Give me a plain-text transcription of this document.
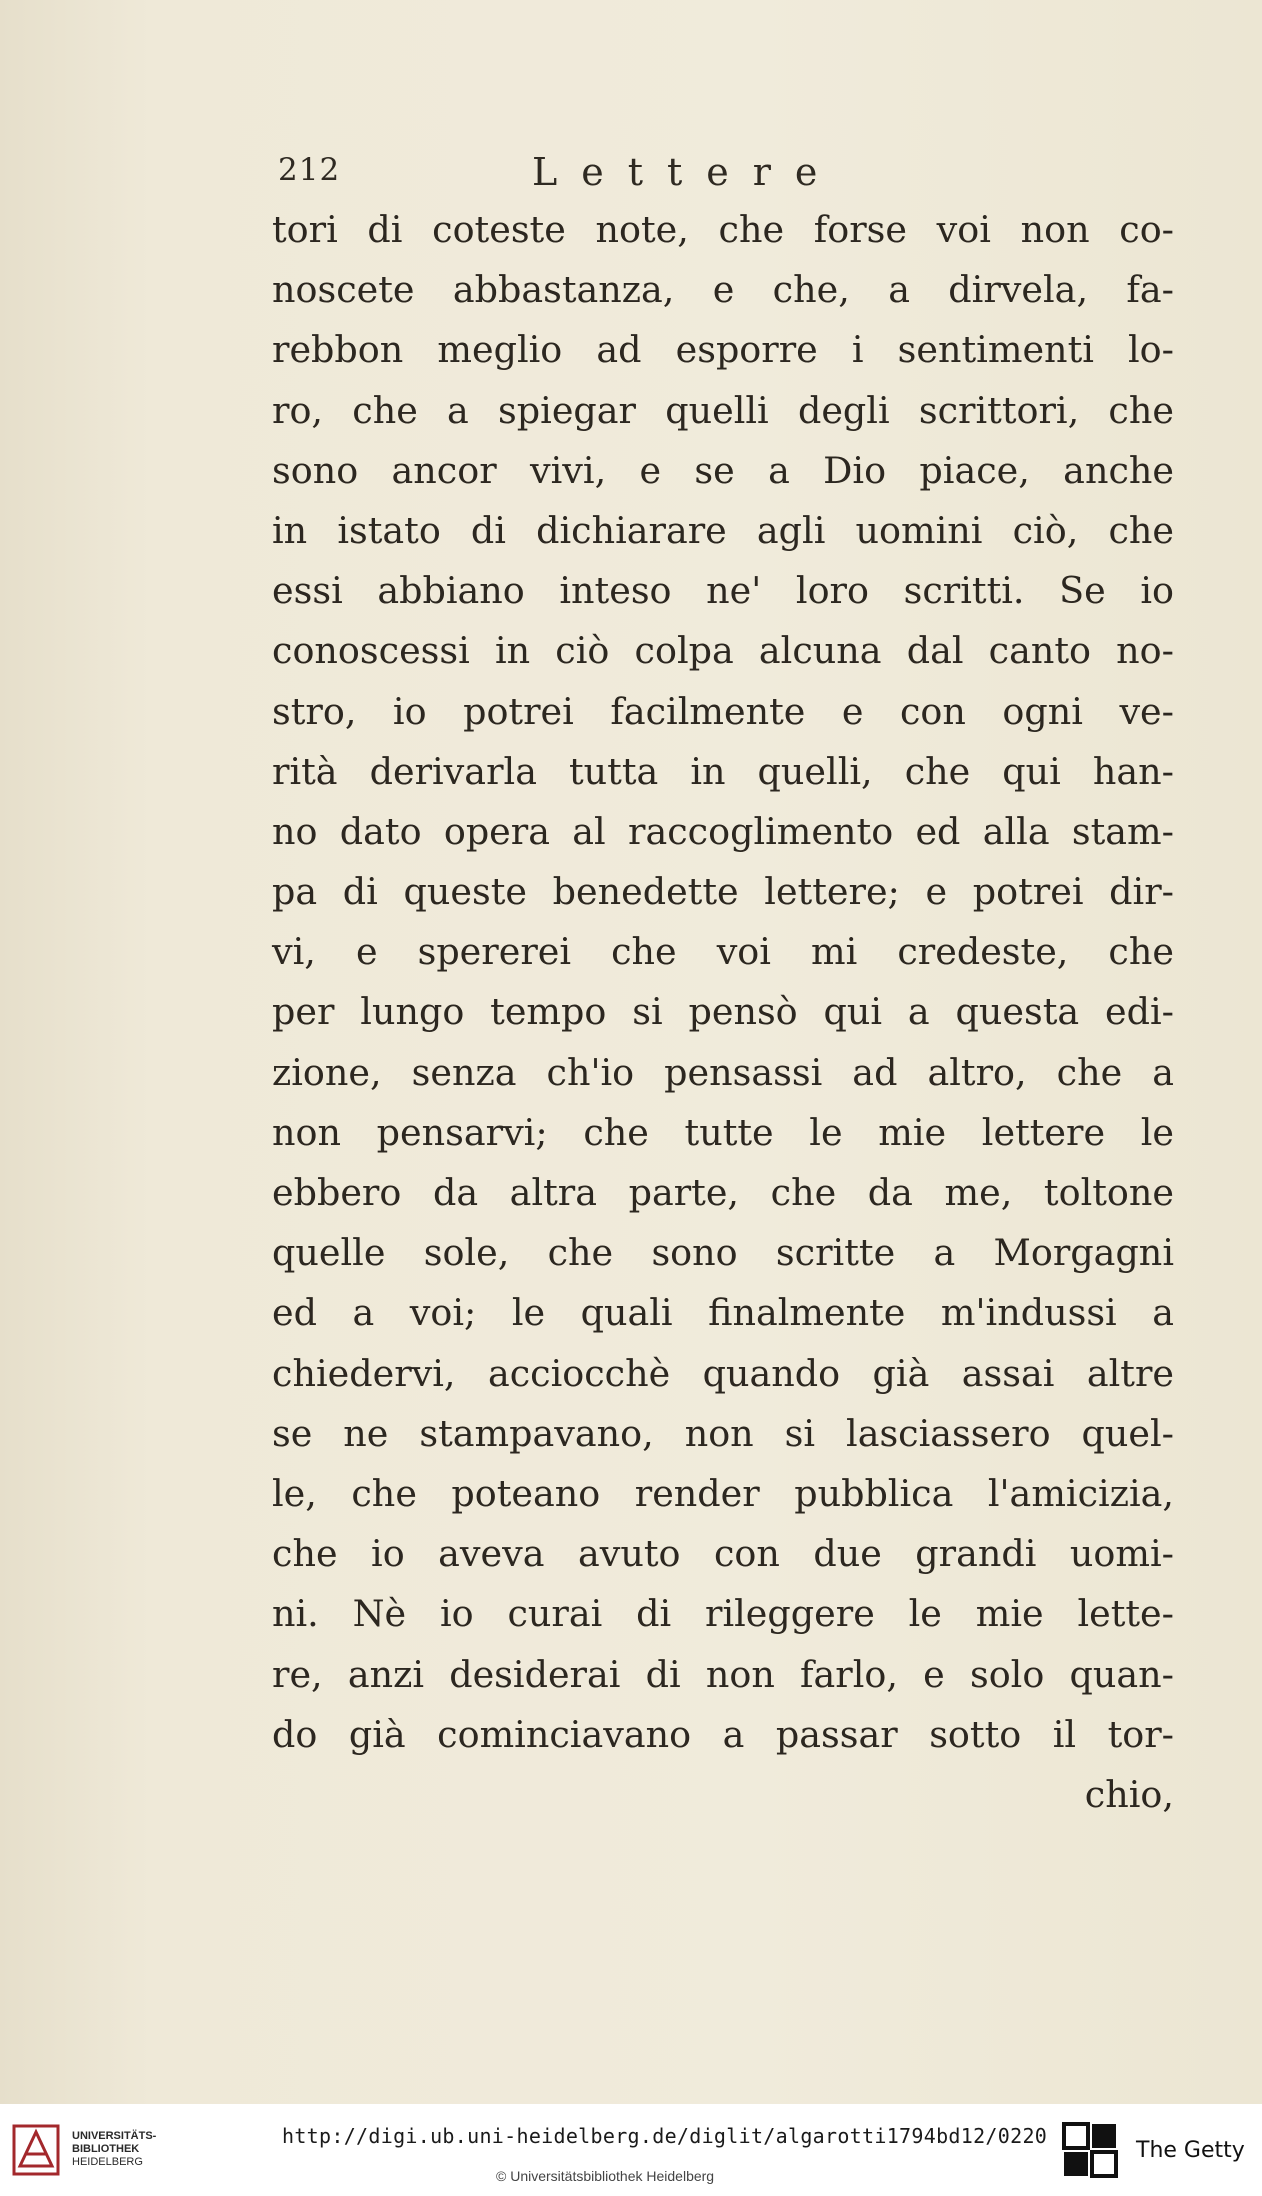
212	Lettere
tori di coteste note, che forse voi non co-
noscete abbastanza, e che, a dirvela, fa-
rebbon meglio ad esporre i sentimenti lo-
ro, che a spiegar quelli degli scrittori, che
sono ancor vivi, e se a Dio piace, anche
in istato di dichiarare agli uomini ciò, che
essi abbiano inteso ne' loro scritti. Se io
conoscessi in ciò colpa alcuna dal canto no-
stro, io potrei facilmente e con ogni ve-
rità derivarla tutta in quelli, che qui han-
no dato opera al raccoglimento ed alla stam-
pa di queste benedette lettere; e potrei dir-
vi, e spererei che voi mi credeste, che
per lungo tempo si pensò qui a questa edi-
zione, senza ch'io pensassi ad altro, che a
non pensarvi; che tutte le mie lettere le
ebbero da altra parte, che da me, toltone
quelle sole, che sono scritte a Morgagni
ed a voi; le quali finalmente m'indussi a
chiedervi, acciocchè quando già assai altre
se ne stampavano, non si lasciassero quel-
le, che poteano render pubblica l'amicizia,
che io aveva avuto con due grandi uomi-
ni. Nè io curai di rileggere le mie lette-
re, anzi desiderai di non farlo, e solo quan-
do già cominciavano a passar sotto il tor-
chio,
UNIVERSITÄTS-
BIBLIOTHEK
HEIDELBERG
http://digi.ub.uni-heidelberg.de/diglit/algarotti1794bd12/0220
© Universitätsbibliothek Heidelberg
The Getty
